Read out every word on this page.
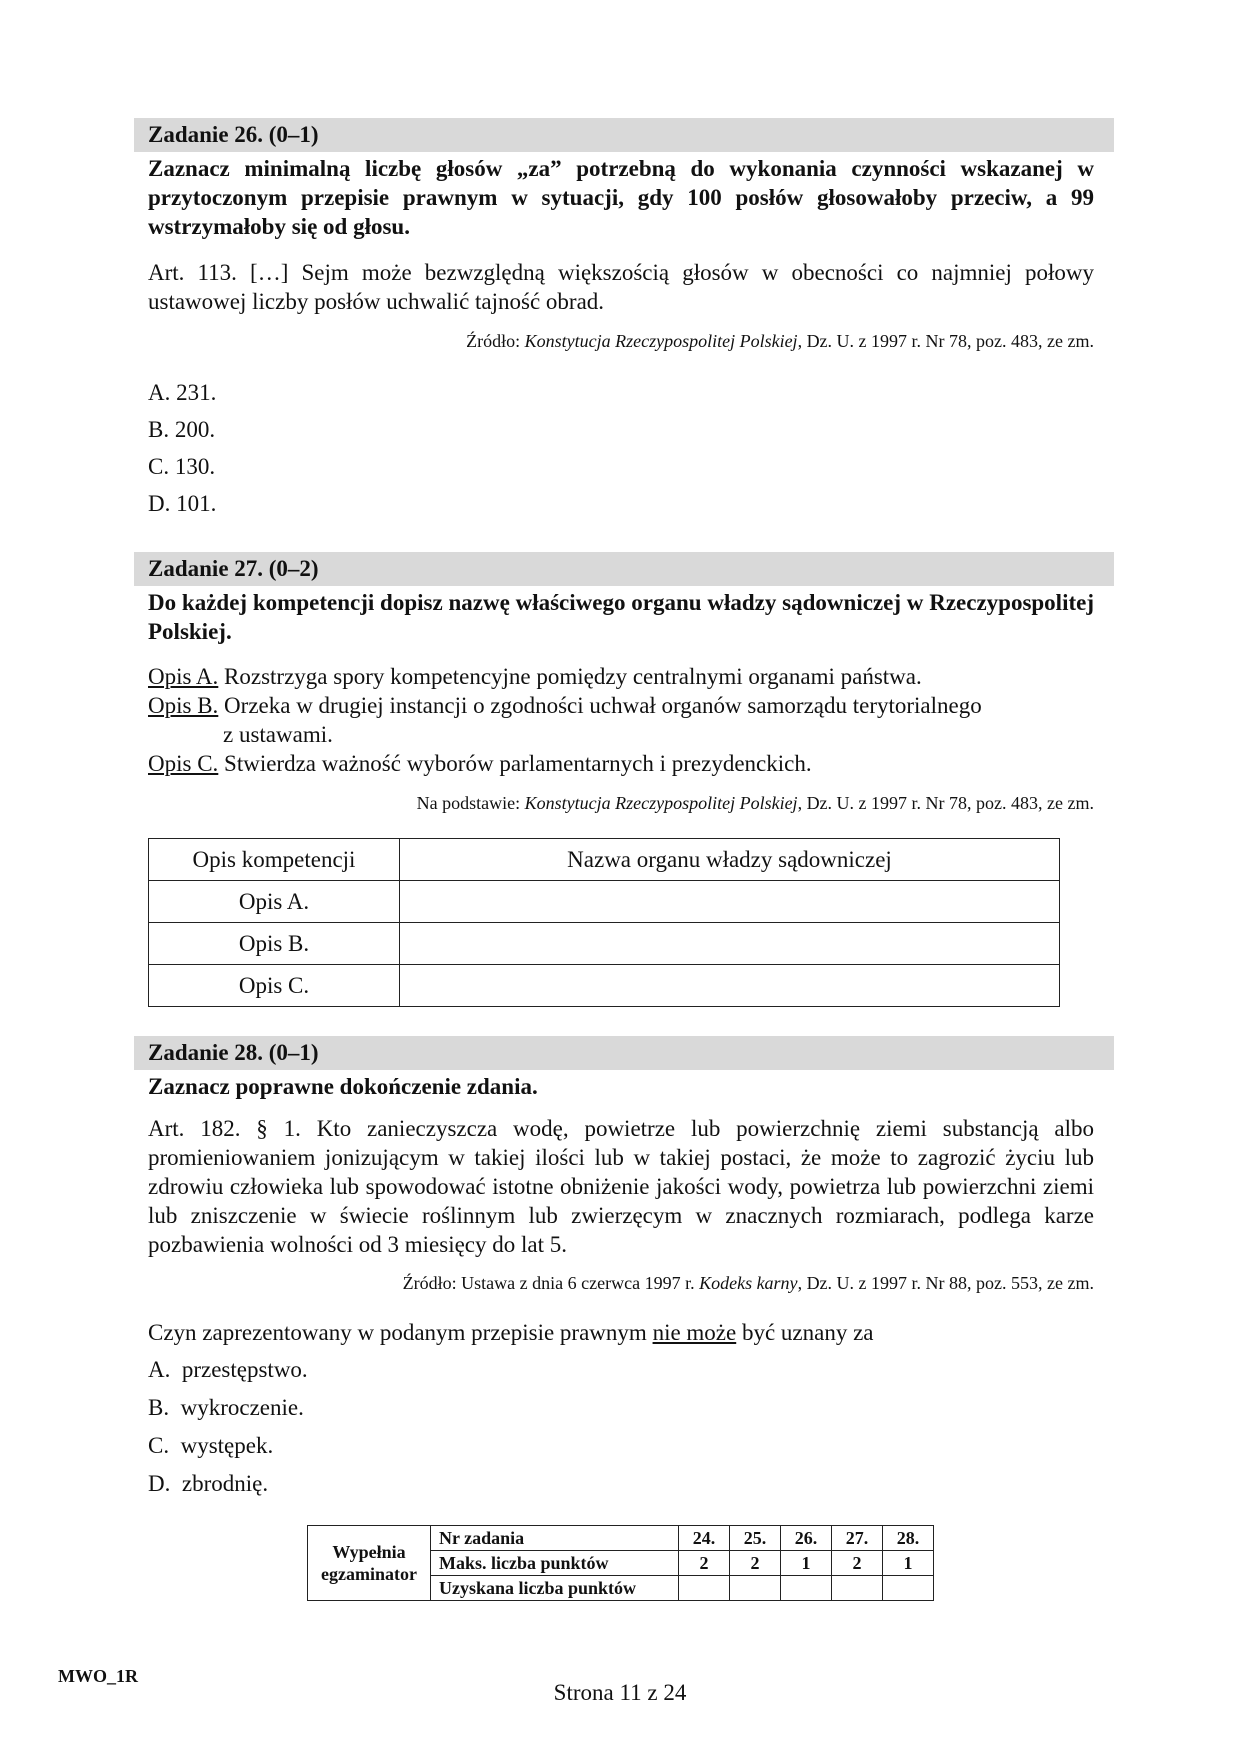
Zadanie 26. (0–1)
Zaznacz minimalną liczbę głosów „za” potrzebną do wykonania czynności wskazanej w przytoczonym przepisie prawnym w sytuacji, gdy 100 posłów głosowałoby przeciw, a 99 wstrzymałoby się od głosu.
Art. 113. […] Sejm może bezwzględną większością głosów w obecności co najmniej połowy ustawowej liczby posłów uchwalić tajność obrad.
Źródło: Konstytucja Rzeczypospolitej Polskiej, Dz. U. z 1997 r. Nr 78, poz. 483, ze zm.
A. 231.
B. 200.
C. 130.
D. 101.
Zadanie 27. (0–2)
Do każdej kompetencji dopisz nazwę właściwego organu władzy sądowniczej w Rzeczypospolitej Polskiej.

Opis A. Rozstrzyga spory kompetencyjne pomiędzy centralnymi organami państwa.

Opis B. Orzeka w drugiej instancji o zgodności uchwał organów samorządu terytorialnego
z ustawami.

Opis C. Stwierdza ważność wyborów parlamentarnych i prezydenckich.

Na podstawie: Konstytucja Rzeczypospolitej Polskiej, Dz. U. z 1997 r. Nr 78, poz. 483, ze zm.
Opis kompetencji	Nazwa organu władzy sądowniczej
Opis A.	
Opis B.	
Opis C.	
Zadanie 28. (0–1)
Zaznacz poprawne dokończenie zdania.
Art. 182. § 1. Kto zanieczyszcza wodę, powietrze lub powierzchnię ziemi substancją albo promieniowaniem jonizującym w takiej ilości lub w takiej postaci, że może to zagrozić życiu lub zdrowiu człowieka lub spowodować istotne obniżenie jakości wody, powietrza lub powierzchni ziemi lub zniszczenie w świecie roślinnym lub zwierzęcym w znacznych rozmiarach, podlega karze pozbawienia wolności od 3 miesięcy do lat 5.
Źródło: Ustawa z dnia 6 czerwca 1997 r. Kodeks karny, Dz. U. z 1997 r. Nr 88, poz. 553, ze zm.
Czyn zaprezentowany w podanym przepisie prawnym nie może być uznany za
A.  przestępstwo.
B.  wykroczenie.
C.  występek.
D.  zbrodnię.
Wypełnia egzaminator	Nr zadania	24.	25.	26.	27.	28.
	Maks. liczba punktów	2	2	1	2	1
	Uzyskana liczba punktów					
MWO_1R
Strona 11 z 24
